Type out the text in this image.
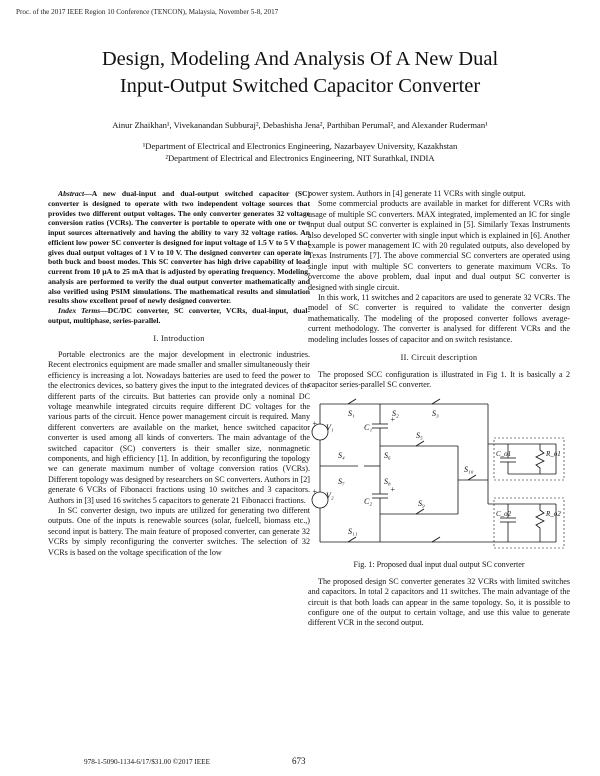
Proc. of the 2017 IEEE Region 10 Conference (TENCON), Malaysia, November 5-8, 2017
Design, Modeling And Analysis Of A New Dual
Input-Output Switched Capacitor Converter
Ainur Zhaikhan¹, Vivekanandan Subburaj², Debashisha Jena², Parthiban Perumal², and Alexander Ruderman¹
¹Department of Electrical and Electronics Engineering, Nazarbayev University, Kazakhstan
²Department of Electrical and Electronics Engineering, NIT Surathkal, INDIA

Abstract—A new dual-input and dual-output switched capacitor (SC) converter is designed to operate with two independent voltage sources that provides two different output voltages. The only converter generates 32 voltage conversion ratios (VCRs). The converter is portable to operate with one or two input sources alternatively and having the ability to vary 32 voltage ratios. An efficient low power SC converter is designed for input voltage of 1.5 V to 5 V that gives dual output voltages of 1 V to 10 V. The designed converter can operate in both buck and boost modes. This SC converter has high drive capability of load current from 10 µA to 25 mA that is adjusted by operating frequency. Modeling, analysis are performed to verify the dual output converter mathematically and also verified using PSIM simulations. The mathematical results and simulation results show excellent proof of newly designed converter.

Index Terms—DC/DC converter, SC converter, VCRs, dual-input, dual-output, multiphase, series-parallel.

I. Introduction

Portable electronics are the major development in electronic industries. Recent electronics equipment are made smaller and smaller simultaneously their efficiency is increasing a lot. Nowadays batteries are used to feed the power to the electronics devices, so battery gives the input to the integrated devices of the different parts of the circuits. But batteries can provide only a nominal DC voltage meanwhile integrated circuits require different DC voltages for the various parts of the circuit. Hence power management circuit is required. Many different converters are available on the market, hence switched capacitor converter is used among all kinds of converters. The main advantage of the switched capacitor (SC) converters is their smaller size, nonmagnetic components, and high efficiency [1]. In addition, by reconfiguring the topology we can generate maximum number of voltage conversion ratios (VCRs). Different topology was designed by researchers on SC converters. Authors in [2] generate 6 VCRs of Fibonacci fractions using 10 switches and 3 capacitors. Authors in [3] used 16 switches 5 capacitors to generate 21 Fibonacci fractions.

In SC converter design, two inputs are utilized for generating two different outputs. One of the inputs is renewable sources (solar, fuelcell, biomass etc.,) second input is battery. The main feature of proposed converter, can generate 32 VCRs by simply reconfiguring the converter switches. The selection of 32 VCRs is based on the voltage specification of the low

power system. Authors in [4] generate 11 VCRs with single output.

Some commercial products are available in market for different VCRs with usage of multiple SC converters. MAX integrated, implemented an IC for single input dual output SC converter is explained in [5]. Similarly Texas Instruments also developed SC converter with single input which is explained in [6]. Another example is power management IC with 20 regulated outputs, also developed by Texas Instruments [7]. The above commercial SC converters are operated using single input with multiple SC converters to generate maximum VCRs. To overcome the above problem, dual input and dual output SC converter is designed with single circuit.

In this work, 11 switches and 2 capacitors are used to generate 32 VCRs. The model of SC converter is required to validate the converter design mathematically. The modeling of the proposed converter follows average-current methodology. The converter is analysed for different VCRs and the modeling includes losses of capacitor and on switch resistance.

II. Circuit description

The proposed SCC configuration is illustrated in Fig 1. It is basically a 2 capacitor series-parallel SC converter.

+
+
+
+
V₁
V₂
S₁	S₂	S₃
S₄
S₅
S₆
S₇	S₈
S₉
S₁₀
S₁₁
C₁
C₂
C_o1	R_o1
C_o2	R_o2
Fig. 1: Proposed dual input dual output SC converter

The proposed design SC converter generates 32 VCRs with limited switches and capacitors. In total 2 capacitors and 11 switches. The main advantage of the circuit is that both loads can appear in the same topology. So, it is possible to configure one of the output to certain voltage, and use this value to generate different VCR in the second output.

978-1-5090-1134-6/17/$31.00 ©2017 IEEE	673
